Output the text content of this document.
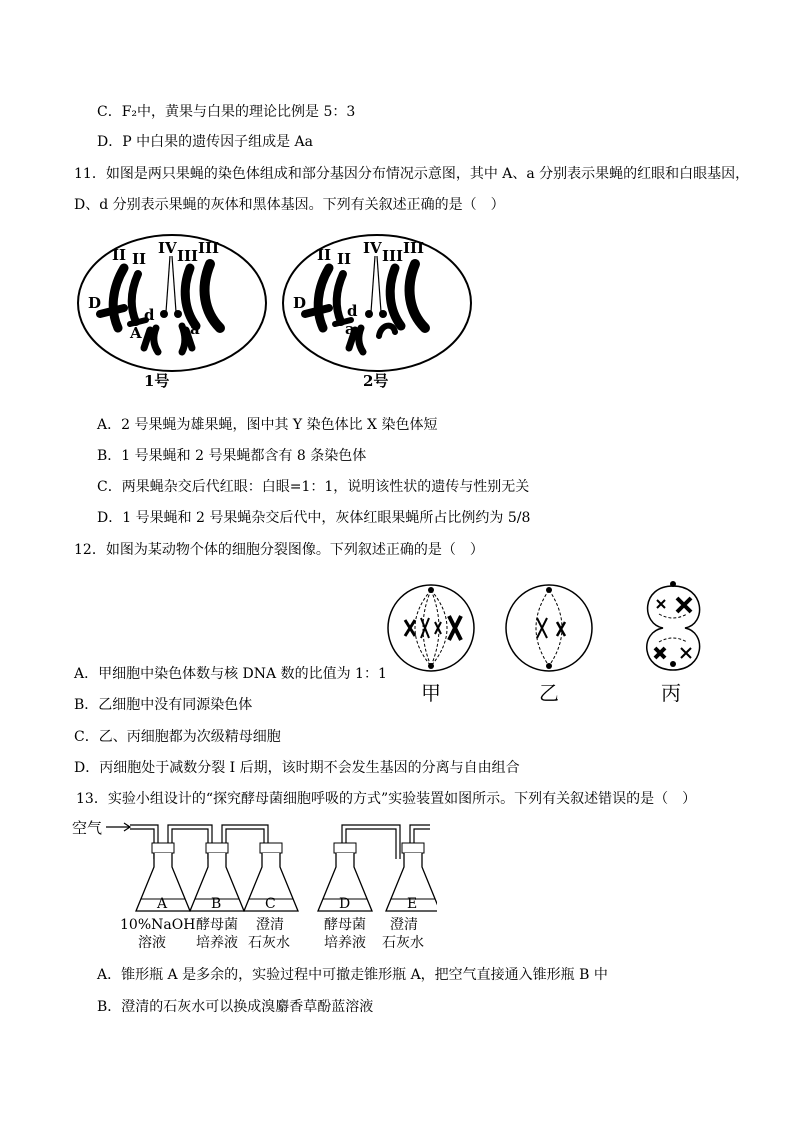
C．F₂中，黄果与白果的理论比例是 5：3
D．P 中白果的遗传因子组成是 Aa
11．如图是两只果蝇的染色体组成和部分基因分布情况示意图，其中 A、a 分别表示果蝇的红眼和白眼基因，
D、d 分别表示果蝇的灰体和黑体基因。下列有关叙述正确的是（　）
II II
IV III III
D
d
A	a
1号
II II
IV III III
D	d
a
2号
A．2 号果蝇为雄果蝇，图中其 Y 染色体比 X 染色体短
B．1 号果蝇和 2 号果蝇都含有 8 条染色体
C．两果蝇杂交后代红眼：白眼=1：1，说明该性状的遗传与性别无关
D．1 号果蝇和 2 号果蝇杂交后代中，灰体红眼果蝇所占比例约为 5/8
12．如图为某动物个体的细胞分裂图像。下列叙述正确的是（　）
甲	乙	丙
A．甲细胞中染色体数与核 DNA 数的比值为 1：1
B．乙细胞中没有同源染色体
C．乙、丙细胞都为次级精母细胞
D．丙细胞处于减数分裂 I 后期，该时期不会发生基因的分离与自由组合
13．实验小组设计的“探究酵母菌细胞呼吸的方式”实验装置如图所示。下列有关叙述错误的是（　）
空气
A	B	C	D	E
10%NaOH
溶液
酵母菌
培养液
澄清
石灰水
酵母菌
培养液
澄清
石灰水
A．锥形瓶 A 是多余的，实验过程中可撤走锥形瓶 A，把空气直接通入锥形瓶 B 中
B．澄清的石灰水可以换成溴麝香草酚蓝溶液
